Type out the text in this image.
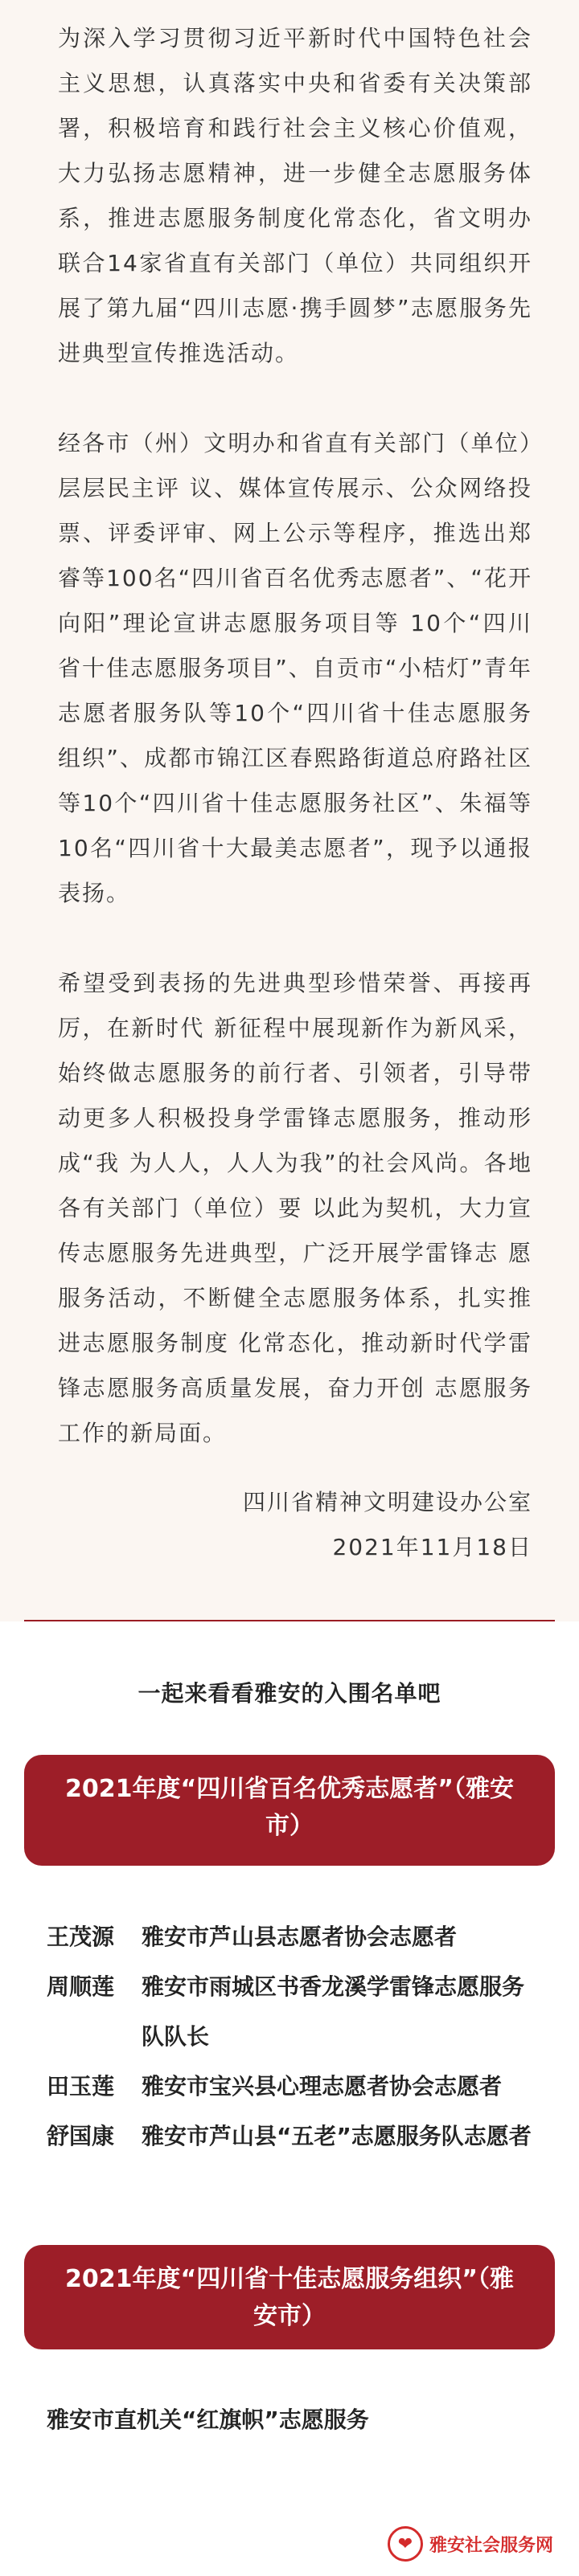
为深入学习贯彻习近平新时代中国特色社会主义思想，认真落实中央和省委有关决策部署，积极培育和践行社会主义核心价值观，大力弘扬志愿精神，进一步健全志愿服务体系，推进志愿服务制度化常态化，省文明办联合14家省直有关部门（单位）共同组织开展了第九届“四川志愿·携手圆梦”志愿服务先进典型宣传推选活动。

经各市（州）文明办和省直有关部门（单位）层层民主评 议、媒体宣传展示、公众网络投票、评委评审、网上公示等程序，推选出郑睿等100名“四川省百名优秀志愿者”、“花开向阳”理论宣讲志愿服务项目等 10个“四川省十佳志愿服务项目”、自贡市“小桔灯”青年志愿者服务队等10个“四川省十佳志愿服务组织”、成都市锦江区春熙路街道总府路社区等10个“四川省十佳志愿服务社区”、朱福等10名“四川省十大最美志愿者”，现予以通报表扬。

希望受到表扬的先进典型珍惜荣誉、再接再厉，在新时代 新征程中展现新作为新风采，始终做志愿服务的前行者、引领者，引导带动更多人积极投身学雷锋志愿服务，推动形成“我 为人人，人人为我”的社会风尚。各地各有关部门（单位）要 以此为契机，大力宣传志愿服务先进典型，广泛开展学雷锋志 愿服务活动，不断健全志愿服务体系，扎实推进志愿服务制度 化常态化，推动新时代学雷锋志愿服务高质量发展，奋力开创 志愿服务工作的新局面。

四川省精神文明建设办公室
2021年11月18日
一起来看看雅安的入围名单吧
2021年度“四川省百名优秀志愿者”（雅安市）
王茂源	雅安市芦山县志愿者协会志愿者
周顺莲	雅安市雨城区书香龙溪学雷锋志愿服务队队长
田玉莲	雅安市宝兴县心理志愿者协会志愿者
舒国康	雅安市芦山县“五老”志愿服务队志愿者
2021年度“四川省十佳志愿服务组织”（雅安市）
雅安市直机关“红旗帜”志愿服务
❤ 雅安社会服务网
